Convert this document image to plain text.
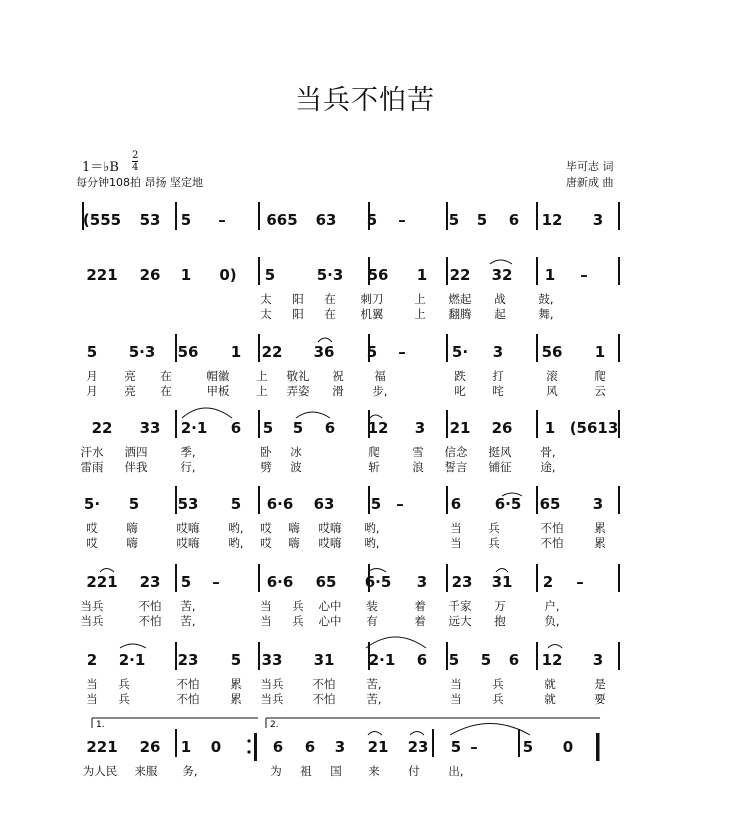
当兵不怕苦
1＝♭B
2
4
每分钟108拍 昂扬 坚定地
毕可志 词
唐新成 曲
(555 53 5 –	665 63 5 –	5 5 6 12 3
221 26 1 0) 5	5·3 56 1 22 32 1 –
太 阳 在 刺刀	上 燃起 战	鼓,
太 阳 在 机翼	上 翻腾 起	舞,
5 5·3 56 1 22 36 5 –	5· 3	56 1
月 亮 在	帽徽 上 敬礼 祝	福	跌 打	滚	爬
月 亮 在	甲板 上 弄姿 滑 步,	叱 咤	风	云
22 33 2·1 6 5 5 6 12 3 21 26 1 (5613
汗水 洒四	季,	卧 冰	爬	雪 信念 挺风	骨,
雷雨 伴我	行,	劈 波	斩	浪 誓言 铺征	途,
5· 5	53 5 6·6 63 5 –	6 6·5 65 3
哎 嗨	哎嗨	哟, 哎 嗨 哎嗨 哟,	当 兵	不怕	累
哎 嗨	哎嗨	哟, 哎 嗨 哎嗨 哟,	当 兵	不怕	累
221 23 5 –	6·6 65 6·5 3 23 31 2 –
当兵	不怕 苦,	当 兵 心中 装	着 千家 万	户,
当兵	不怕 苦,	当 兵 心中 有	着 远大 抱	负,
2 2·1 23 5 33 31 2·1 6 5 5 6 12 3
当 兵	不怕	累 当兵	不怕	苦,	当	兵	就	是
当 兵	不怕	累 当兵	不怕	苦,	当	兵	就	要
221 26 1 0	6 6 3 21 23 5 –	5 0
为人民 来服 务,	为 祖 国 来 付 出,
1.	2.
